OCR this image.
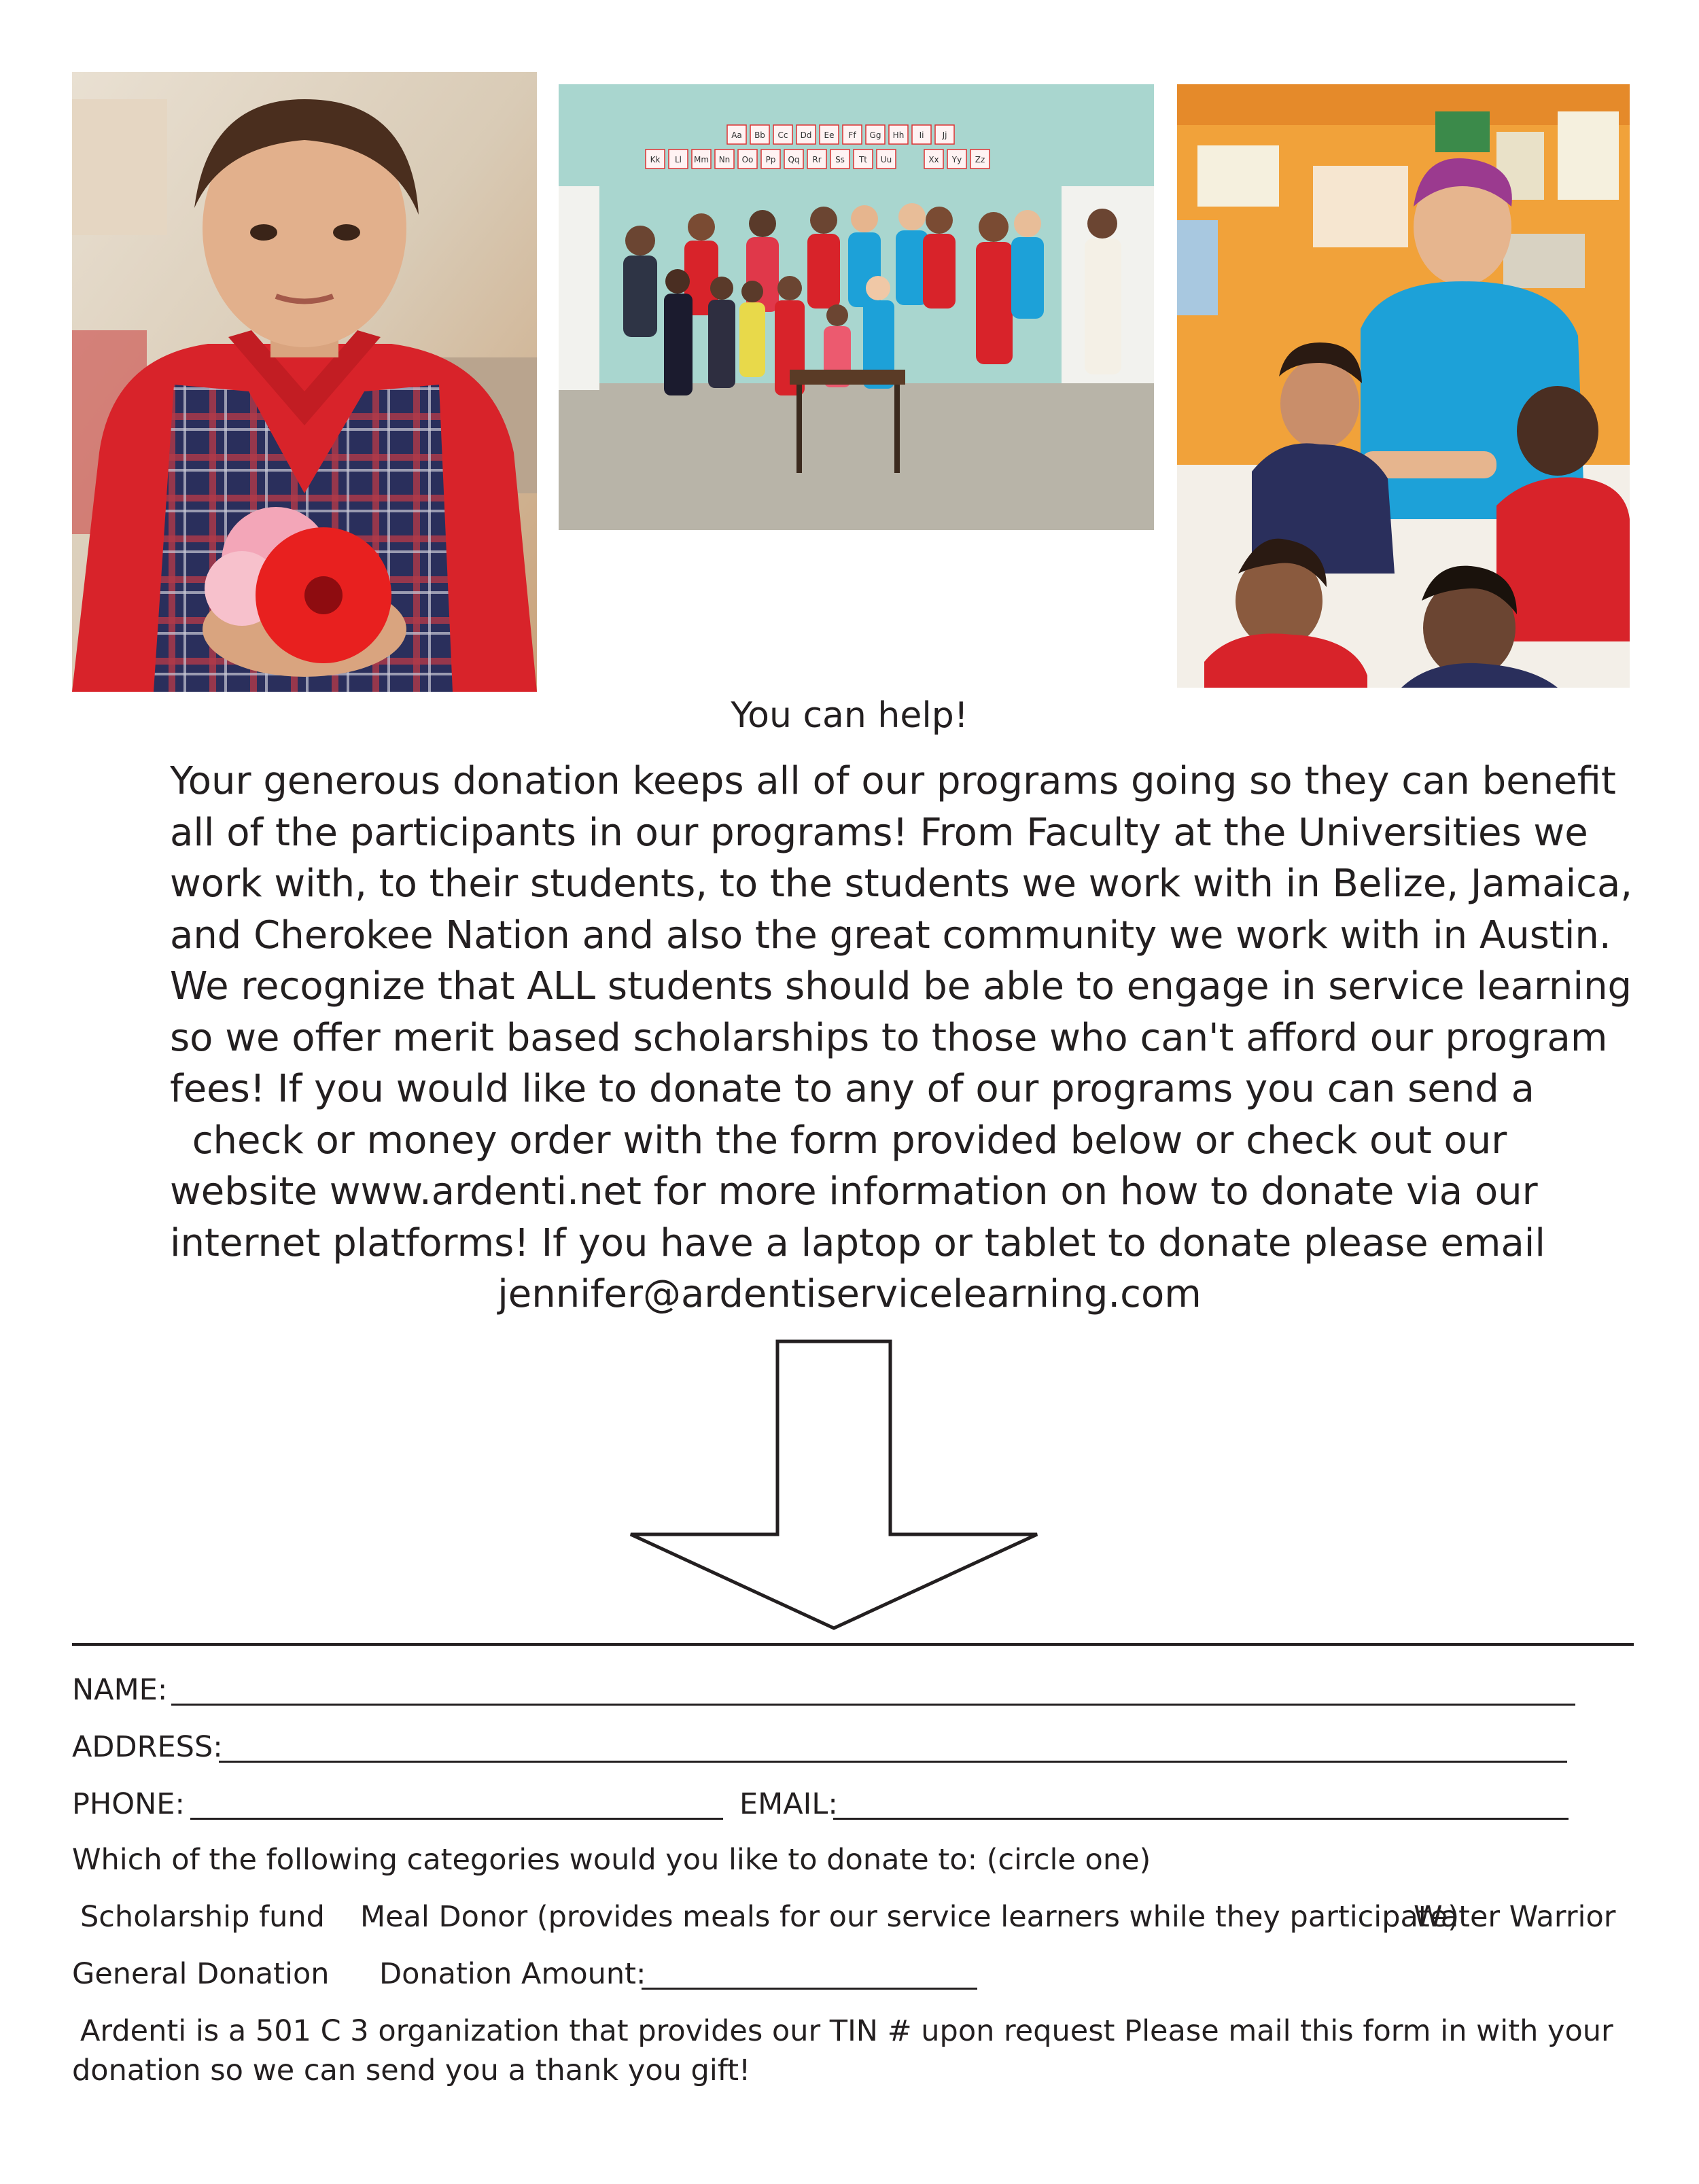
Aa Bb Cc Dd Ee Ff Gg Hh Ii Jj
Kk Ll Mm Nn Oo Pp Qq Rr Ss Tt Uu	Xx Yy Zz
You can help!
Your generous donation keeps all of our programs going so they can benefit
all of the participants in our programs! From Faculty at the Universities we
work with, to their students, to the students we work with in Belize, Jamaica,
and Cherokee Nation and also the great community we work with in Austin.
We recognize that ALL students should be able to engage in service learning
so we offer merit based scholarships to those who can't afford our program
fees! If you would like to donate to any of our programs you can send a
check or money order with the form provided below or check out our
website www.ardenti.net for more information on how to donate via our
internet platforms! If you have a laptop or tablet to donate please email
jennifer@ardentiservicelearning.com
NAME:
ADDRESS:
PHONE:	EMAIL:
Which of the following categories would you like to donate to: (circle one)
Scholarship fund Meal Donor (provides meals for our service learners while they participate)
Water Warrior
General Donation Donation Amount:
Ardenti is a 501 C 3 organization that provides our TIN # upon request Please mail this form in with your
donation so we can send you a thank you gift!
